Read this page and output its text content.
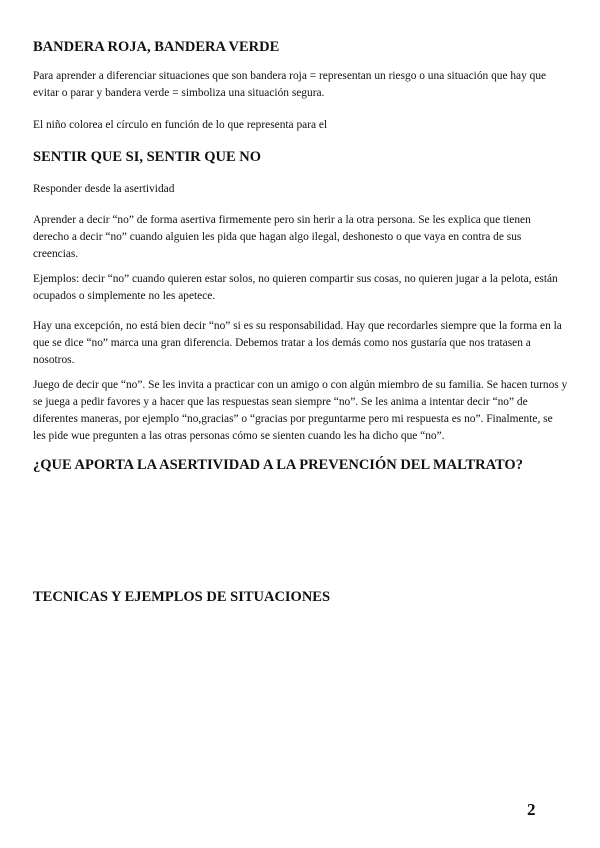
BANDERA ROJA, BANDERA VERDE

Para aprender a diferenciar situaciones que son bandera roja = representan un riesgo o una situación que hay que evitar o parar y bandera verde = simboliza una situación segura.

El niño colorea el círculo en función de lo que representa para el

SENTIR QUE SI, SENTIR QUE NO

Responder desde la asertividad

Aprender a decir “no” de forma asertiva firmemente pero sin herir a la otra persona. Se les explica que tienen derecho a decir “no” cuando alguien les pida que hagan algo ilegal, deshonesto o que vaya en contra de sus creencias.

Ejemplos: decir “no” cuando quieren estar solos, no quieren compartir sus cosas, no quieren jugar a la pelota, están ocupados o simplemente no les apetece.

Hay una excepción, no está bien decir “no” si es su responsabilidad. Hay que recordarles siempre que la forma en la que se dice “no” marca una gran diferencia. Debemos tratar a los demás como nos gustaría que nos tratasen a nosotros.

Juego de decir que “no”. Se les invita a practicar con un amigo o con algún miembro de su familia. Se hacen turnos y se juega a pedir favores y a hacer que las respuestas sean siempre “no”. Se les anima a intentar decir “no” de diferentes maneras, por ejemplo “no,gracias” o “gracias por preguntarme pero mi respuesta es no”. Finalmente, se les pide wue pregunten a las otras personas cómo se sienten cuando les ha dicho que “no”.

¿QUE APORTA LA ASERTIVIDAD A LA PREVENCIÓN DEL MALTRATO?
TECNICAS Y EJEMPLOS DE SITUACIONES
2
